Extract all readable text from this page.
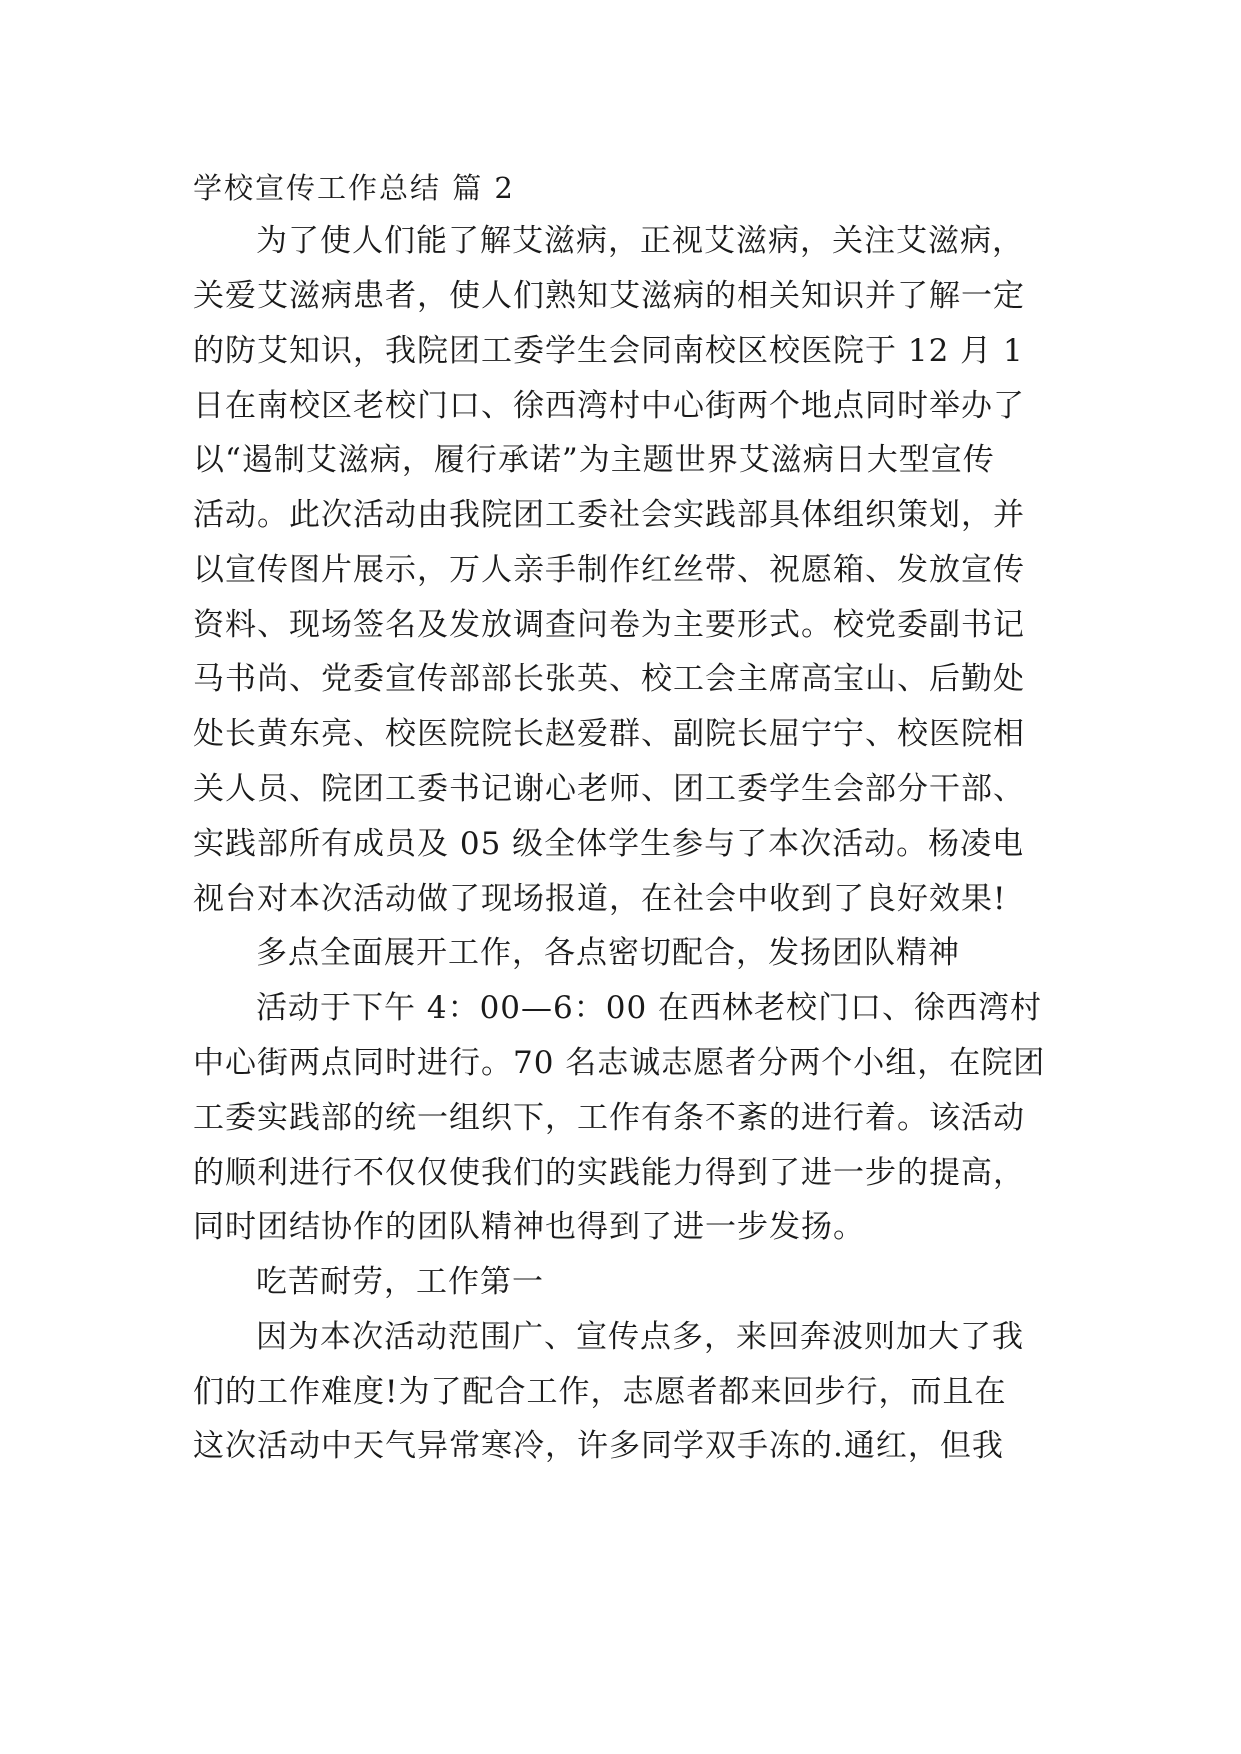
学校宣传工作总结 篇 2
为了使人们能了解艾滋病，正视艾滋病，关注艾滋病，
关爱艾滋病患者，使人们熟知艾滋病的相关知识并了解一定
的防艾知识，我院团工委学生会同南校区校医院于 12 月 1
日在南校区老校门口、徐西湾村中心街两个地点同时举办了
以“遏制艾滋病，履行承诺”为主题世界艾滋病日大型宣传
活动。此次活动由我院团工委社会实践部具体组织策划，并
以宣传图片展示，万人亲手制作红丝带、祝愿箱、发放宣传
资料、现场签名及发放调查问卷为主要形式。校党委副书记
马书尚、党委宣传部部长张英、校工会主席高宝山、后勤处
处长黄东亮、校医院院长赵爱群、副院长屈宁宁、校医院相
关人员、院团工委书记谢心老师、团工委学生会部分干部、
实践部所有成员及 05 级全体学生参与了本次活动。杨凌电
视台对本次活动做了现场报道，在社会中收到了良好效果!
多点全面展开工作，各点密切配合，发扬团队精神
活动于下午 4：00—6：00 在西林老校门口、徐西湾村
中心街两点同时进行。70 名志诚志愿者分两个小组，在院团
工委实践部的统一组织下，工作有条不紊的进行着。该活动
的顺利进行不仅仅使我们的实践能力得到了进一步的提高，
同时团结协作的团队精神也得到了进一步发扬。
吃苦耐劳，工作第一
因为本次活动范围广、宣传点多，来回奔波则加大了我
们的工作难度!为了配合工作，志愿者都来回步行，而且在
这次活动中天气异常寒冷，许多同学双手冻的.通红，但我
